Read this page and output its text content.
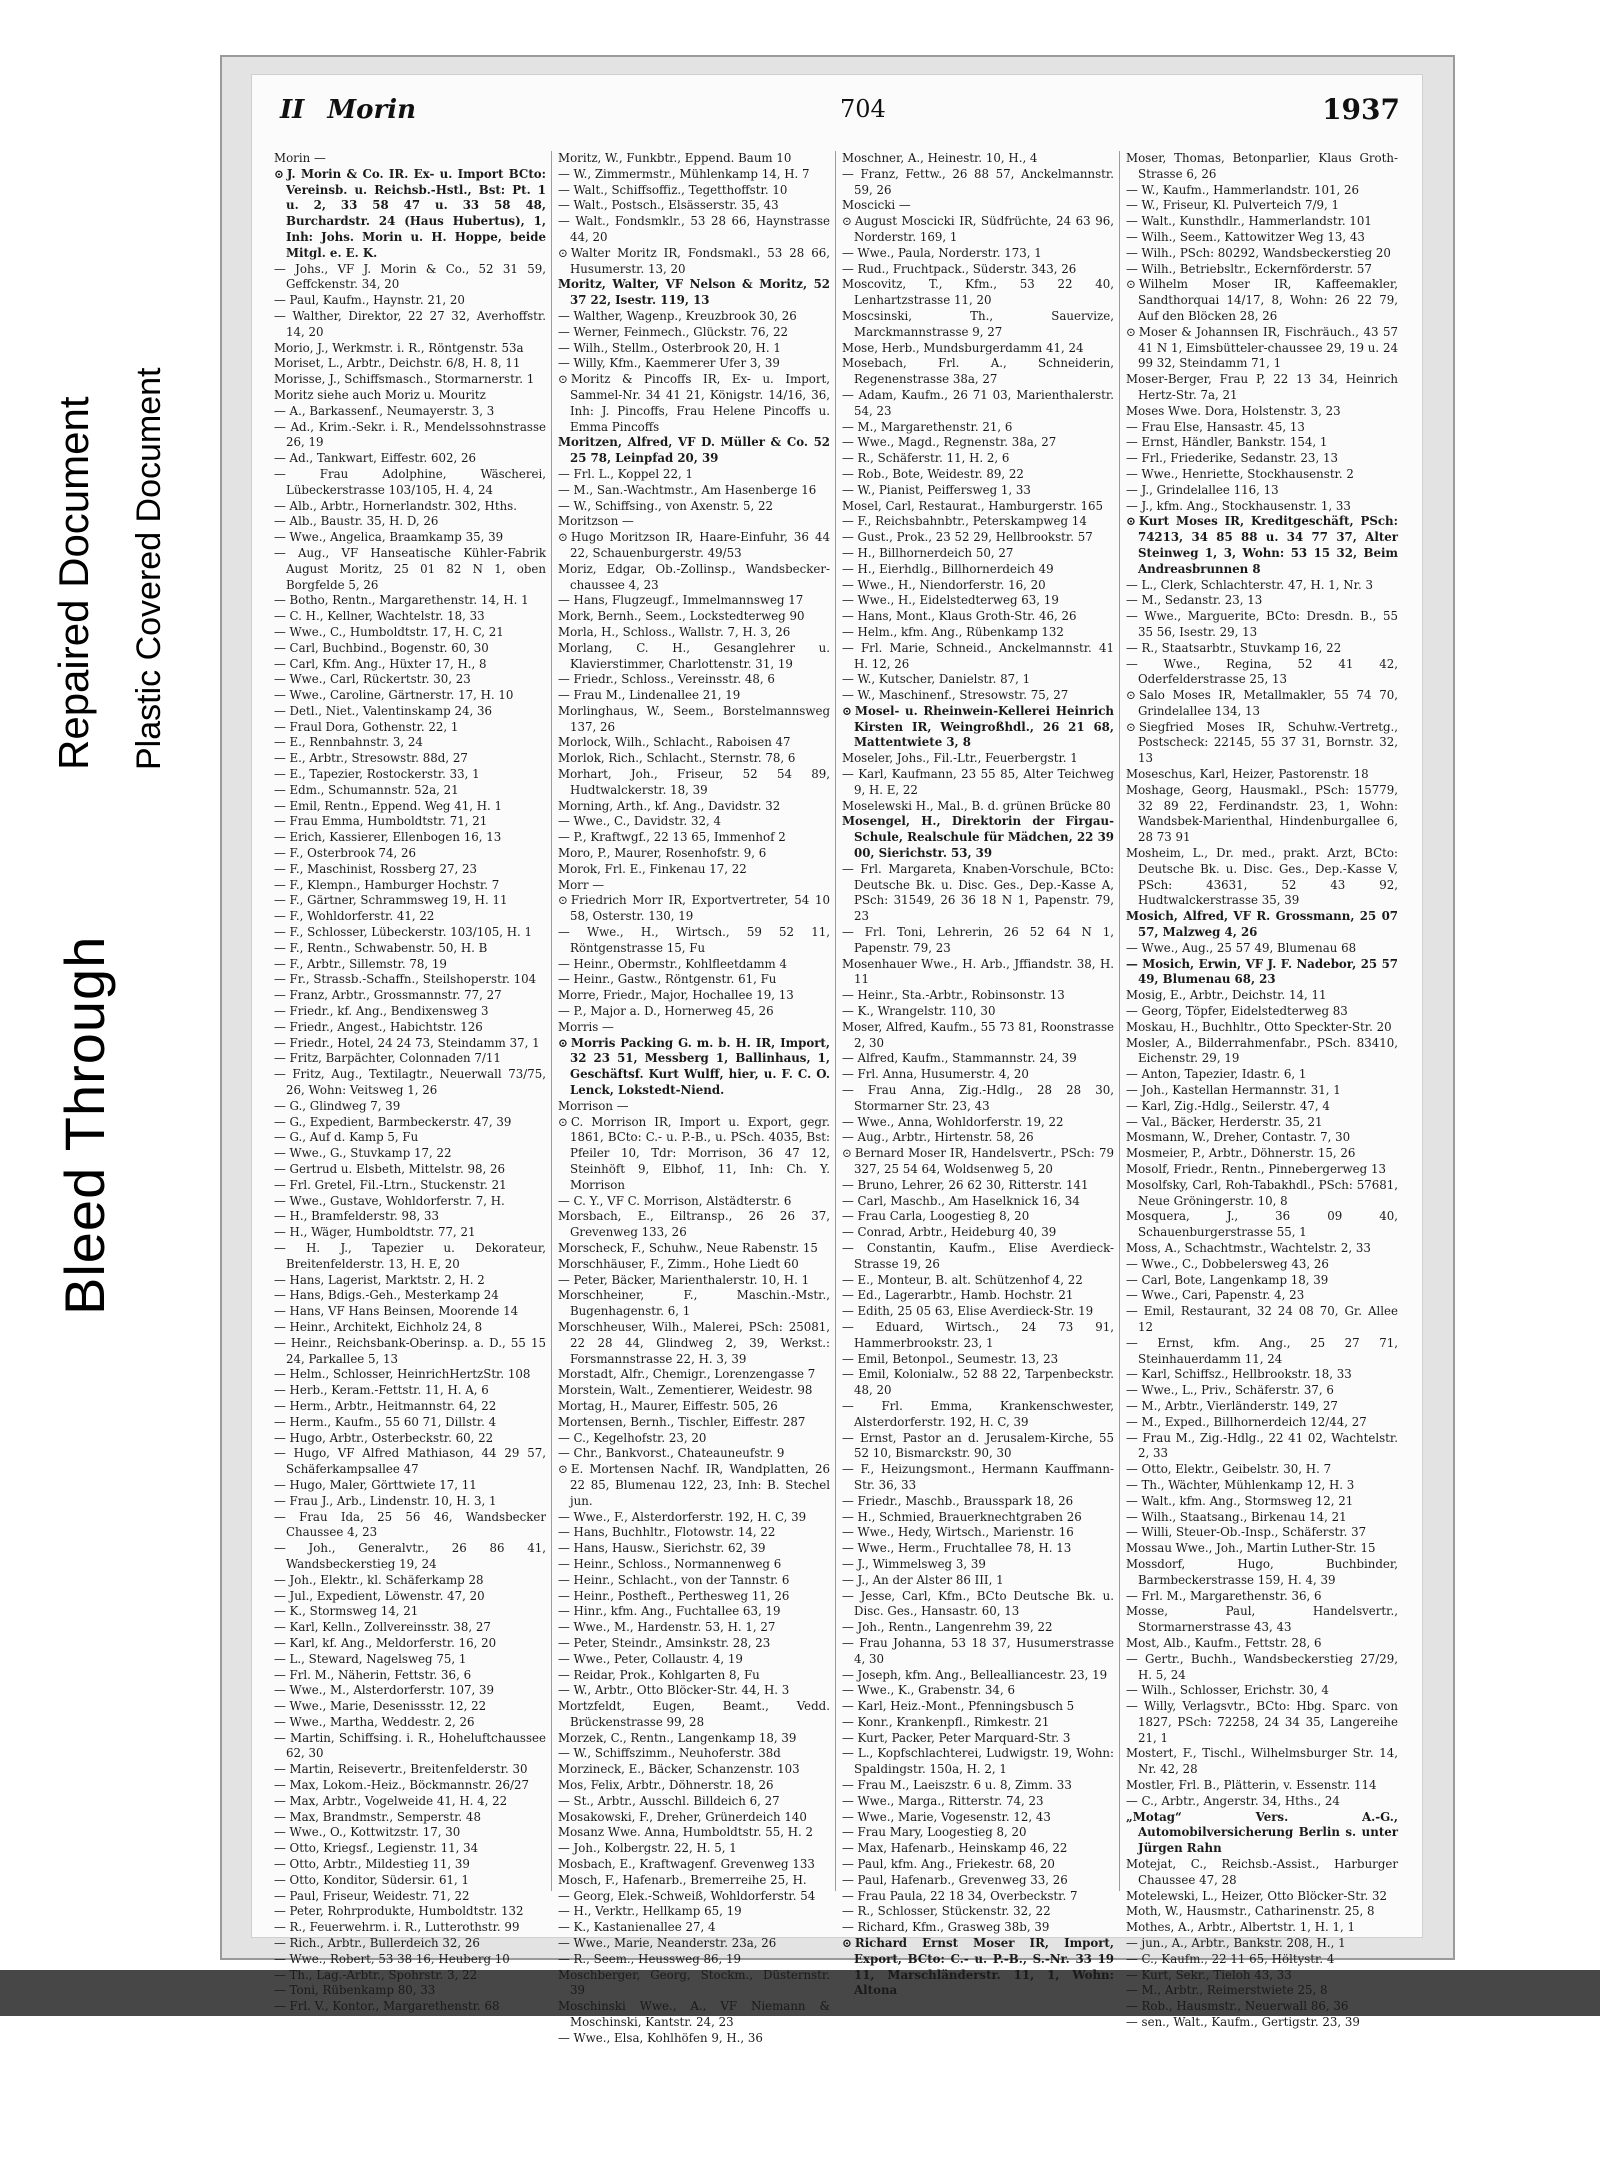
Repaired Document Plastic Covered Document
Bleed Through
II Morin	704	1937

Morin —

⊙ J. Morin & Co. IR. Ex- u. Import BCto: Vereinsb. u. Reichsb.-Hstl., Bst: Pt. 1 u. 2, 33 58 47 u. 33 58 48, Burchardstr. 24 (Haus Hubertus), 1, Inh: Johs. Morin u. H. Hoppe, beide Mitgl. e. E. K.

— Johs., VF J. Morin & Co., 52 31 59, Geffckenstr. 34, 20

— Paul, Kaufm., Haynstr. 21, 20

— Walther, Direktor, 22 27 32, Averhoffstr. 14, 20

Morio, J., Werkmstr. i. R., Röntgenstr. 53a

Moriset, L., Arbtr., Deichstr. 6/8, H. 8, 11

Morisse, J., Schiffsmasch., Stormarnerstr. 1

Moritz siehe auch Moriz u. Mouritz

— A., Barkassenf., Neumayerstr. 3, 3

— Ad., Krim.-Sekr. i. R., Mendelssohnstrasse 26, 19

— Ad., Tankwart, Eiffestr. 602, 26

— Frau Adolphine, Wäscherei, Lübeckerstrasse 103/105, H. 4, 24

— Alb., Arbtr., Hornerlandstr. 302, Hths.

— Alb., Baustr. 35, H. D, 26

— Wwe., Angelica, Braamkamp 35, 39

— Aug., VF Hanseatische Kühler-Fabrik August Moritz, 25 01 82 N 1, oben Borgfelde 5, 26

— Botho, Rentn., Margarethenstr. 14, H. 1

— C. H., Kellner, Wachtelstr. 18, 33

— Wwe., C., Humboldtstr. 17, H. C, 21

— Carl, Buchbind., Bogenstr. 60, 30

— Carl, Kfm. Ang., Hüxter 17, H., 8

— Wwe., Carl, Rückertstr. 30, 23

— Wwe., Caroline, Gärtnerstr. 17, H. 10

— Detl., Niet., Valentinskamp 24, 36

— Fraul Dora, Gothenstr. 22, 1

— E., Rennbahnstr. 3, 24

— E., Arbtr., Stresowstr. 88d, 27

— E., Tapezier, Rostockerstr. 33, 1

— Edm., Schumannstr. 52a, 21

— Emil, Rentn., Eppend. Weg 41, H. 1

— Frau Emma, Humboldtstr. 71, 21

— Erich, Kassierer, Ellenbogen 16, 13

— F., Osterbrook 74, 26

— F., Maschinist, Rossberg 27, 23

— F., Klempn., Hamburger Hochstr. 7

— F., Gärtner, Schrammsweg 19, H. 11

— F., Wohldorferstr. 41, 22

— F., Schlosser, Lübeckerstr. 103/105, H. 1

— F., Rentn., Schwabenstr. 50, H. B

— F., Arbtr., Sillemstr. 78, 19

— Fr., Strassb.-Schaffn., Steilshoperstr. 104

— Franz, Arbtr., Grossmannstr. 77, 27

— Friedr., kf. Ang., Bendixensweg 3

— Friedr., Angest., Habichtstr. 126

— Friedr., Hotel, 24 24 73, Steindamm 37, 1

— Fritz, Barpächter, Colonnaden 7/11

— Fritz, Aug., Textilagtr., Neuerwall 73/75, 26, Wohn: Veitsweg 1, 26

— G., Glindweg 7, 39

— G., Expedient, Barmbeckerstr. 47, 39

— G., Auf d. Kamp 5, Fu

— Wwe., G., Stuvkamp 17, 22

— Gertrud u. Elsbeth, Mittelstr. 98, 26

— Frl. Gretel, Fil.-Ltrn., Stuckenstr. 21

— Wwe., Gustave, Wohldorferstr. 7, H.

— H., Bramfelderstr. 98, 33

— H., Wäger, Humboldtstr. 77, 21

— H. J., Tapezier u. Dekorateur, Breitenfelderstr. 13, H. E, 20

— Hans, Lagerist, Marktstr. 2, H. 2

— Hans, Bdigs.-Geh., Mesterkamp 24

— Hans, VF Hans Beinsen, Moorende 14

— Heinr., Architekt, Eichholz 24, 8

— Heinr., Reichsbank-Oberinsp. a. D., 55 15 24, Parkallee 5, 13

— Helm., Schlosser, HeinrichHertzStr. 108

— Herb., Keram.-Fettstr. 11, H. A, 6

— Herm., Arbtr., Heitmannstr. 64, 22

— Herm., Kaufm., 55 60 71, Dillstr. 4

— Hugo, Arbtr., Osterbeckstr. 60, 22

— Hugo, VF Alfred Mathiason, 44 29 57, Schäferkampsallee 47

— Hugo, Maler, Görttwiete 17, 11

— Frau J., Arb., Lindenstr. 10, H. 3, 1

— Frau Ida, 25 56 46, Wandsbecker Chaussee 4, 23

— Joh., Generalvtr., 26 86 41, Wandsbeckerstieg 19, 24

— Joh., Elektr., kl. Schäferkamp 28

— Jul., Expedient, Löwenstr. 47, 20

— K., Stormsweg 14, 21

— Karl, Kelln., Zollvereinsstr. 38, 27

— Karl, kf. Ang., Meldorferstr. 16, 20

— L., Steward, Nagelsweg 75, 1

— Frl. M., Näherin, Fettstr. 36, 6

— Wwe., M., Alsterdorferstr. 107, 39

— Wwe., Marie, Desenissstr. 12, 22

— Wwe., Martha, Weddestr. 2, 26

— Martin, Schiffsing. i. R., Hoheluftchaussee 62, 30

— Martin, Reisevertr., Breitenfelderstr. 30

— Max, Lokom.-Heiz., Böckmannstr. 26/27

— Max, Arbtr., Vogelweide 41, H. 4, 22

— Max, Brandmstr., Semperstr. 48

— Wwe., O., Kottwitzstr. 17, 30

— Otto, Kriegsf., Legienstr. 11, 34

— Otto, Arbtr., Mildestieg 11, 39

— Otto, Konditor, Südersir. 61, 1

— Paul, Friseur, Weidestr. 71, 22

— Peter, Rohrprodukte, Humboldtstr. 132

— R., Feuerwehrm. i. R., Lutterothstr. 99

— Rich., Arbtr., Bullerdeich 32, 26

— Wwe., Robert, 53 38 16, Heuberg 10

— Th., Lag.-Arbtr., Spohrstr. 3, 22

— Toni, Rübenkamp 80, 33

— Frl. V., Kontor., Margarethenstr. 68

Moritz, W., Funkbtr., Eppend. Baum 10

— W., Zimmermstr., Mühlenkamp 14, H. 7

— Walt., Schiffsoffiz., Tegetthoffstr. 10

— Walt., Postsch., Elsässerstr. 35, 43

— Walt., Fondsmklr., 53 28 66, Haynstrasse 44, 20

⊙ Walter Moritz IR, Fondsmakl., 53 28 66, Husumerstr. 13, 20

Moritz, Walter, VF Nelson & Moritz, 52 37 22, Isestr. 119, 13

— Walther, Wagenp., Kreuzbrook 30, 26

— Werner, Feinmech., Glückstr. 76, 22

— Wilh., Stellm., Osterbrook 20, H. 1

— Willy, Kfm., Kaemmerer Ufer 3, 39

⊙ Moritz & Pincoffs IR, Ex- u. Import, Sammel-Nr. 34 41 21, Königstr. 14/16, 36, Inh: J. Pincoffs, Frau Helene Pincoffs u. Emma Pincoffs

Moritzen, Alfred, VF D. Müller & Co. 52 25 78, Leinpfad 20, 39

— Frl. L., Koppel 22, 1

— M., San.-Wachtmstr., Am Hasenberge 16

— W., Schiffsing., von Axenstr. 5, 22

Moritzson —

⊙ Hugo Moritzson IR, Haare-Einfuhr, 36 44 22, Schauenburgerstr. 49/53

Moriz, Edgar, Ob.-Zollinsp., Wandsbecker-chaussee 4, 23

— Hans, Flugzeugf., Immelmannsweg 17

Mork, Bernh., Seem., Lockstedterweg 90

Morla, H., Schloss., Wallstr. 7, H. 3, 26

Morlang, C. H., Gesanglehrer u. Klavierstimmer, Charlottenstr. 31, 19

— Friedr., Schloss., Vereinsstr. 48, 6

— Frau M., Lindenallee 21, 19

Morlinghaus, W., Seem., Borstelmannsweg 137, 26

Morlock, Wilh., Schlacht., Raboisen 47

Morlok, Rich., Schlacht., Sternstr. 78, 6

Morhart, Joh., Friseur, 52 54 89, Hudtwalckerstr. 18, 39

Morning, Arth., kf. Ang., Davidstr. 32

— Wwe., C., Davidstr. 32, 4

— P., Kraftwgf., 22 13 65, Immenhof 2

Moro, P., Maurer, Rosenhofstr. 9, 6

Morok, Frl. E., Finkenau 17, 22

Morr —

⊙ Friedrich Morr IR, Exportvertreter, 54 10 58, Osterstr. 130, 19

— Wwe., H., Wirtsch., 59 52 11, Röntgenstrasse 15, Fu

— Heinr., Obermstr., Kohlfleetdamm 4

— Heinr., Gastw., Röntgenstr. 61, Fu

Morre, Friedr., Major, Hochallee 19, 13

— P., Major a. D., Hornerweg 45, 26

Morris —

⊙ Morris Packing G. m. b. H. IR, Import, 32 23 51, Messberg 1, Ballinhaus, 1, Geschäftsf. Kurt Wulff, hier, u. F. C. O. Lenck, Lokstedt-Niend.

Morrison —

⊙ C. Morrison IR, Import u. Export, gegr. 1861, BCto: C.- u. P.-B., u. PSch. 4035, Bst: Pfeiler 10, Tdr: Morrison, 36 47 12, Steinhöft 9, Elbhof, 11, Inh: Ch. Y. Morrison

— C. Y., VF C. Morrison, Alstädterstr. 6

Morsbach, E., Eiltransp., 26 26 37, Grevenweg 133, 26

Morscheck, F., Schuhw., Neue Rabenstr. 15

Morschhäuser, F., Zimm., Hohe Liedt 60

— Peter, Bäcker, Marienthalerstr. 10, H. 1

Morschheiner, F., Maschin.-Mstr., Bugenhagenstr. 6, 1

Morschheuser, Wilh., Malerei, PSch: 25081, 22 28 44, Glindweg 2, 39, Werkst.: Forsmannstrasse 22, H. 3, 39

Morstadt, Alfr., Chemigr., Lorenzengasse 7

Morstein, Walt., Zementierer, Weidestr. 98

Mortag, H., Maurer, Eiffestr. 505, 26

Mortensen, Bernh., Tischler, Eiffestr. 287

— C., Kegelhofstr. 23, 20

— Chr., Bankvorst., Chateauneufstr. 9

⊙ E. Mortensen Nachf. IR, Wandplatten, 26 22 85, Blumenau 122, 23, Inh: B. Stechel jun.

— Wwe., F., Alsterdorferstr. 192, H. C, 39

— Hans, Buchhltr., Flotowstr. 14, 22

— Hans, Hausw., Sierichstr. 62, 39

— Heinr., Schloss., Normannenweg 6

— Heinr., Schlacht., von der Tannstr. 6

— Heinr., Postheft., Perthesweg 11, 26

— Hinr., kfm. Ang., Fuchtallee 63, 19

— Wwe., M., Hardenstr. 53, H. 1, 27

— Peter, Steindr., Amsinkstr. 28, 23

— Wwe., Peter, Collaustr. 4, 19

— Reidar, Prok., Kohlgarten 8, Fu

— W., Arbtr., Otto Blöcker-Str. 44, H. 3

Mortzfeldt, Eugen, Beamt., Vedd. Brückenstrasse 99, 28

Morzek, C., Rentn., Langenkamp 18, 39

— W., Schiffszimm., Neuhoferstr. 38d

Morzineck, E., Bäcker, Schanzenstr. 103

Mos, Felix, Arbtr., Döhnerstr. 18, 26

— St., Arbtr., Ausschl. Billdeich 6, 27

Mosakowski, F., Dreher, Grünerdeich 140

Mosanz Wwe. Anna, Humboldtstr. 55, H. 2

— Joh., Kolbergstr. 22, H. 5, 1

Mosbach, E., Kraftwagenf. Grevenweg 133

Mosch, F., Hafenarb., Bremerreihe 25, H.

— Georg, Elek.-Schweiß, Wohldorferstr. 54

— H., Verktr., Hellkamp 65, 19

— K., Kastanienallee 27, 4

— Wwe., Marie, Neanderstr. 23a, 26

— R., Seem., Heussweg 86, 19

Moschberger, Georg, Stockm., Düsternstr. 39

Moschinski Wwe., A., VF Niemann & Moschinski, Kantstr. 24, 23

— Wwe., Elsa, Kohlhöfen 9, H., 36

Moschner, A., Heinestr. 10, H., 4

— Franz, Fettw., 26 88 57, Anckelmannstr. 59, 26

Moscicki —

⊙ August Moscicki IR, Südfrüchte, 24 63 96, Norderstr. 169, 1

— Wwe., Paula, Norderstr. 173, 1

— Rud., Fruchtpack., Süderstr. 343, 26

Moscovitz, T., Kfm., 53 22 40, Lenhartzstrasse 11, 20

Moscsinski, Th., Sauervize, Marckmannstrasse 9, 27

Mose, Herb., Mundsburgerdamm 41, 24

Mosebach, Frl. A., Schneiderin, Regenenstrasse 38a, 27

— Adam, Kaufm., 26 71 03, Marienthalerstr. 54, 23

— M., Margarethenstr. 21, 6

— Wwe., Magd., Regnenstr. 38a, 27

— R., Schäferstr. 11, H. 2, 6

— Rob., Bote, Weidestr. 89, 22

— W., Pianist, Peiffersweg 1, 33

Mosel, Carl, Restaurat., Hamburgerstr. 165

— F., Reichsbahnbtr., Peterskampweg 14

— Gust., Prok., 23 52 29, Hellbrookstr. 57

— H., Billhornerdeich 50, 27

— H., Eierhdlg., Billhornerdeich 49

— Wwe., H., Niendorferstr. 16, 20

— Wwe., H., Eidelstedterweg 63, 19

— Hans, Mont., Klaus Groth-Str. 46, 26

— Helm., kfm. Ang., Rübenkamp 132

— Frl. Marie, Schneid., Anckelmannstr. 41 H. 12, 26

— W., Kutscher, Danielstr. 87, 1

— W., Maschinenf., Stresowstr. 75, 27

⊙ Mosel- u. Rheinwein-Kellerei Heinrich Kirsten IR, Weingroßhdl., 26 21 68, Mattentwiete 3, 8

Moseler, Johs., Fil.-Ltr., Feuerbergstr. 1

— Karl, Kaufmann, 23 55 85, Alter Teichweg 9, H. E, 22

Moselewski H., Mal., B. d. grünen Brücke 80

Mosengel, H., Direktorin der Firgau-Schule, Realschule für Mädchen, 22 39 00, Sierichstr. 53, 39

— Frl. Margareta, Knaben-Vorschule, BCto: Deutsche Bk. u. Disc. Ges., Dep.-Kasse A, PSch: 31549, 26 36 18 N 1, Papenstr. 79, 23

— Frl. Toni, Lehrerin, 26 52 64 N 1, Papenstr. 79, 23

Mosenhauer Wwe., H. Arb., Jffiandstr. 38, H. 11

— Heinr., Sta.-Arbtr., Robinsonstr. 13

— K., Wrangelstr. 110, 30

Moser, Alfred, Kaufm., 55 73 81, Roonstrasse 2, 30

— Alfred, Kaufm., Stammannstr. 24, 39

— Frl. Anna, Husumerstr. 4, 20

— Frau Anna, Zig.-Hdlg., 28 28 30, Stormarner Str. 23, 43

— Wwe., Anna, Wohldorferstr. 19, 22

— Aug., Arbtr., Hirtenstr. 58, 26

⊙ Bernard Moser IR, Handelsvertr., PSch: 79 327, 25 54 64, Woldsenweg 5, 20

— Bruno, Lehrer, 26 62 30, Ritterstr. 141

— Carl, Maschb., Am Haselknick 16, 34

— Frau Carla, Loogestieg 8, 20

— Conrad, Arbtr., Heideburg 40, 39

— Constantin, Kaufm., Elise Averdieck-Strasse 19, 26

— E., Monteur, B. alt. Schützenhof 4, 22

— Ed., Lagerarbtr., Hamb. Hochstr. 21

— Edith, 25 05 63, Elise Averdieck-Str. 19

— Eduard, Wirtsch., 24 73 91, Hammerbrookstr. 23, 1

— Emil, Betonpol., Seumestr. 13, 23

— Emil, Kolonialw., 52 88 22, Tarpenbeckstr. 48, 20

— Frl. Emma, Krankenschwester, Alsterdorferstr. 192, H. C, 39

— Ernst, Pastor an d. Jerusalem-Kirche, 55 52 10, Bismarckstr. 90, 30

— F., Heizungsmont., Hermann Kauffmann-Str. 36, 33

— Friedr., Maschb., Brausspark 18, 26

— H., Schmied, Brauerknechtgraben 26

— Wwe., Hedy, Wirtsch., Marienstr. 16

— Wwe., Herm., Fruchtallee 78, H. 13

— J., Wimmelsweg 3, 39

— J., An der Alster 86 III, 1

— Jesse, Carl, Kfm., BCto Deutsche Bk. u. Disc. Ges., Hansastr. 60, 13

— Joh., Rentn., Langenrehm 39, 22

— Frau Johanna, 53 18 37, Husumerstrasse 4, 30

— Joseph, kfm. Ang., Bellealliancestr. 23, 19

— Wwe., K., Grabenstr. 34, 6

— Karl, Heiz.-Mont., Pfenningsbusch 5

— Konr., Krankenpfl., Rimkestr. 21

— Kurt, Packer, Peter Marquard-Str. 3

— L., Kopfschlachterei, Ludwigstr. 19, Wohn: Spaldingstr. 150a, H. 2, 1

— Frau M., Laeiszstr. 6 u. 8, Zimm. 33

— Wwe., Marga., Ritterstr. 74, 23

— Wwe., Marie, Vogesenstr. 12, 43

— Frau Mary, Loogestieg 8, 20

— Max, Hafenarb., Heinskamp 46, 22

— Paul, kfm. Ang., Friekestr. 68, 20

— Paul, Hafenarb., Grevenweg 33, 26

— Frau Paula, 22 18 34, Overbeckstr. 7

— R., Schlosser, Stückenstr. 32, 22

— Richard, Kfm., Grasweg 38b, 39

⊙ Richard Ernst Moser IR, Import, Export, BCto: C.- u. P.-B., S.-Nr. 33 19 11, Marschländerstr. 11, 1, Wohn: Altona

Moser, Thomas, Betonparlier, Klaus Groth-Strasse 6, 26

— W., Kaufm., Hammerlandstr. 101, 26

— W., Friseur, Kl. Pulverteich 7/9, 1

— Walt., Kunsthdlr., Hammerlandstr. 101

— Wilh., Seem., Kattowitzer Weg 13, 43

— Wilh., PSch: 80292, Wandsbeckerstieg 20

— Wilh., Betriebsltr., Eckernförderstr. 57

⊙ Wilhelm Moser IR, Kaffeemakler, Sandthorquai 14/17, 8, Wohn: 26 22 79, Auf den Blöcken 28, 26

⊙ Moser & Johannsen IR, Fischräuch., 43 57 41 N 1, Eimsbütteler-chaussee 29, 19 u. 24 99 32, Steindamm 71, 1

Moser-Berger, Frau P, 22 13 34, Heinrich Hertz-Str. 7a, 21

Moses Wwe. Dora, Holstenstr. 3, 23

— Frau Else, Hansastr. 45, 13

— Ernst, Händler, Bankstr. 154, 1

— Frl., Friederike, Sedanstr. 23, 13

— Wwe., Henriette, Stockhausenstr. 2

— J., Grindelallee 116, 13

— J., kfm. Ang., Stockhausenstr. 1, 33

⊙ Kurt Moses IR, Kreditgeschäft, PSch: 74213, 34 85 88 u. 34 77 37, Alter Steinweg 1, 3, Wohn: 53 15 32, Beim Andreasbrunnen 8

— L., Clerk, Schlachterstr. 47, H. 1, Nr. 3

— M., Sedanstr. 23, 13

— Wwe., Marguerite, BCto: Dresdn. B., 55 35 56, Isestr. 29, 13

— R., Staatsarbtr., Stuvkamp 16, 22

— Wwe., Regina, 52 41 42, Oderfelderstrasse 25, 13

⊙ Salo Moses IR, Metallmakler, 55 74 70, Grindelallee 134, 13

⊙ Siegfried Moses IR, Schuhw.-Vertretg., Postscheck: 22145, 55 37 31, Bornstr. 32, 13

Moseschus, Karl, Heizer, Pastorenstr. 18

Moshage, Georg, Hausmakl., PSch: 15779, 32 89 22, Ferdinandstr. 23, 1, Wohn: Wandsbek-Marienthal, Hindenburgallee 6, 28 73 91

Mosheim, L., Dr. med., prakt. Arzt, BCto: Deutsche Bk. u. Disc. Ges., Dep.-Kasse V, PSch: 43631, 52 43 92, Hudtwalckerstrasse 35, 39

Mosich, Alfred, VF R. Grossmann, 25 07 57, Malzweg 4, 26

— Wwe., Aug., 25 57 49, Blumenau 68

— Mosich, Erwin, VF J. F. Nadebor, 25 57 49, Blumenau 68, 23

Mosig, E., Arbtr., Deichstr. 14, 11

— Georg, Töpfer, Eidelstedterweg 83

Moskau, H., Buchhltr., Otto Speckter-Str. 20

Mosler, A., Bilderrahmenfabr., PSch. 83410, Eichenstr. 29, 19

— Anton, Tapezier, Idastr. 6, 1

— Joh., Kastellan Hermannstr. 31, 1

— Karl, Zig.-Hdlg., Seilerstr. 47, 4

— Val., Bäcker, Herderstr. 35, 21

Mosmann, W., Dreher, Contastr. 7, 30

Mosmeier, P., Arbtr., Döhnerstr. 15, 26

Mosolf, Friedr., Rentn., Pinnebergerweg 13

Mosolfsky, Carl, Roh-Tabakhdl., PSch: 57681, Neue Gröningerstr. 10, 8

Mosquera, J., 36 09 40, Schauenburgerstrasse 55, 1

Moss, A., Schachtmstr., Wachtelstr. 2, 33

— Wwe., C., Dobbelersweg 43, 26

— Carl, Bote, Langenkamp 18, 39

— Wwe., Cari, Papenstr. 4, 23

— Emil, Restaurant, 32 24 08 70, Gr. Allee 12

— Ernst, kfm. Ang., 25 27 71, Steinhauerdamm 11, 24

— Karl, Schiffsz., Hellbrookstr. 18, 33

— Wwe., L., Priv., Schäferstr. 37, 6

— M., Arbtr., Vierländerstr. 149, 27

— M., Exped., Billhornerdeich 12/44, 27

— Frau M., Zig.-Hdlg., 22 41 02, Wachtelstr. 2, 33

— Otto, Elektr., Geibelstr. 30, H. 7

— Th., Wächter, Mühlenkamp 12, H. 3

— Walt., kfm. Ang., Stormsweg 12, 21

— Wilh., Staatsang., Birkenau 14, 21

— Willi, Steuer-Ob.-Insp., Schäferstr. 37

Mossau Wwe., Joh., Martin Luther-Str. 15

Mossdorf, Hugo, Buchbinder, Barmbeckerstrasse 159, H. 4, 39

— Frl. M., Margarethenstr. 36, 6

Mosse, Paul, Handelsvertr., Stormarnerstrasse 43, 43

Most, Alb., Kaufm., Fettstr. 28, 6

— Gertr., Buchh., Wandsbeckerstieg 27/29, H. 5, 24

— Wilh., Schlosser, Erichstr. 30, 4

— Willy, Verlagsvtr., BCto: Hbg. Sparc. von 1827, PSch: 72258, 24 34 35, Langereihe 21, 1

Mostert, F., Tischl., Wilhelmsburger Str. 14, Nr. 42, 28

Mostler, Frl. B., Plätterin, v. Essenstr. 114

— C., Arbtr., Angerstr. 34, Hths., 24

„Motag“ Vers. A.-G., Automobilversicherung Berlin s. unter Jürgen Rahn

Motejat, C., Reichsb.-Assist., Harburger Chaussee 47, 28

Motelewski, L., Heizer, Otto Blöcker-Str. 32

Moth, W., Hausmstr., Catharinenstr. 25, 8

Mothes, A., Arbtr., Albertstr. 1, H. 1, 1

— jun., A., Arbtr., Bankstr. 208, H., 1

— C., Kaufm., 22 11 65, Höltystr. 4

— Kurt, Sekr., Tieloh 43, 33

— M., Arbtr., Reimerstwiete 25, 8

— Rob., Hausmstr., Neuerwall 86, 36

— sen., Walt., Kaufm., Gertigstr. 23, 39
